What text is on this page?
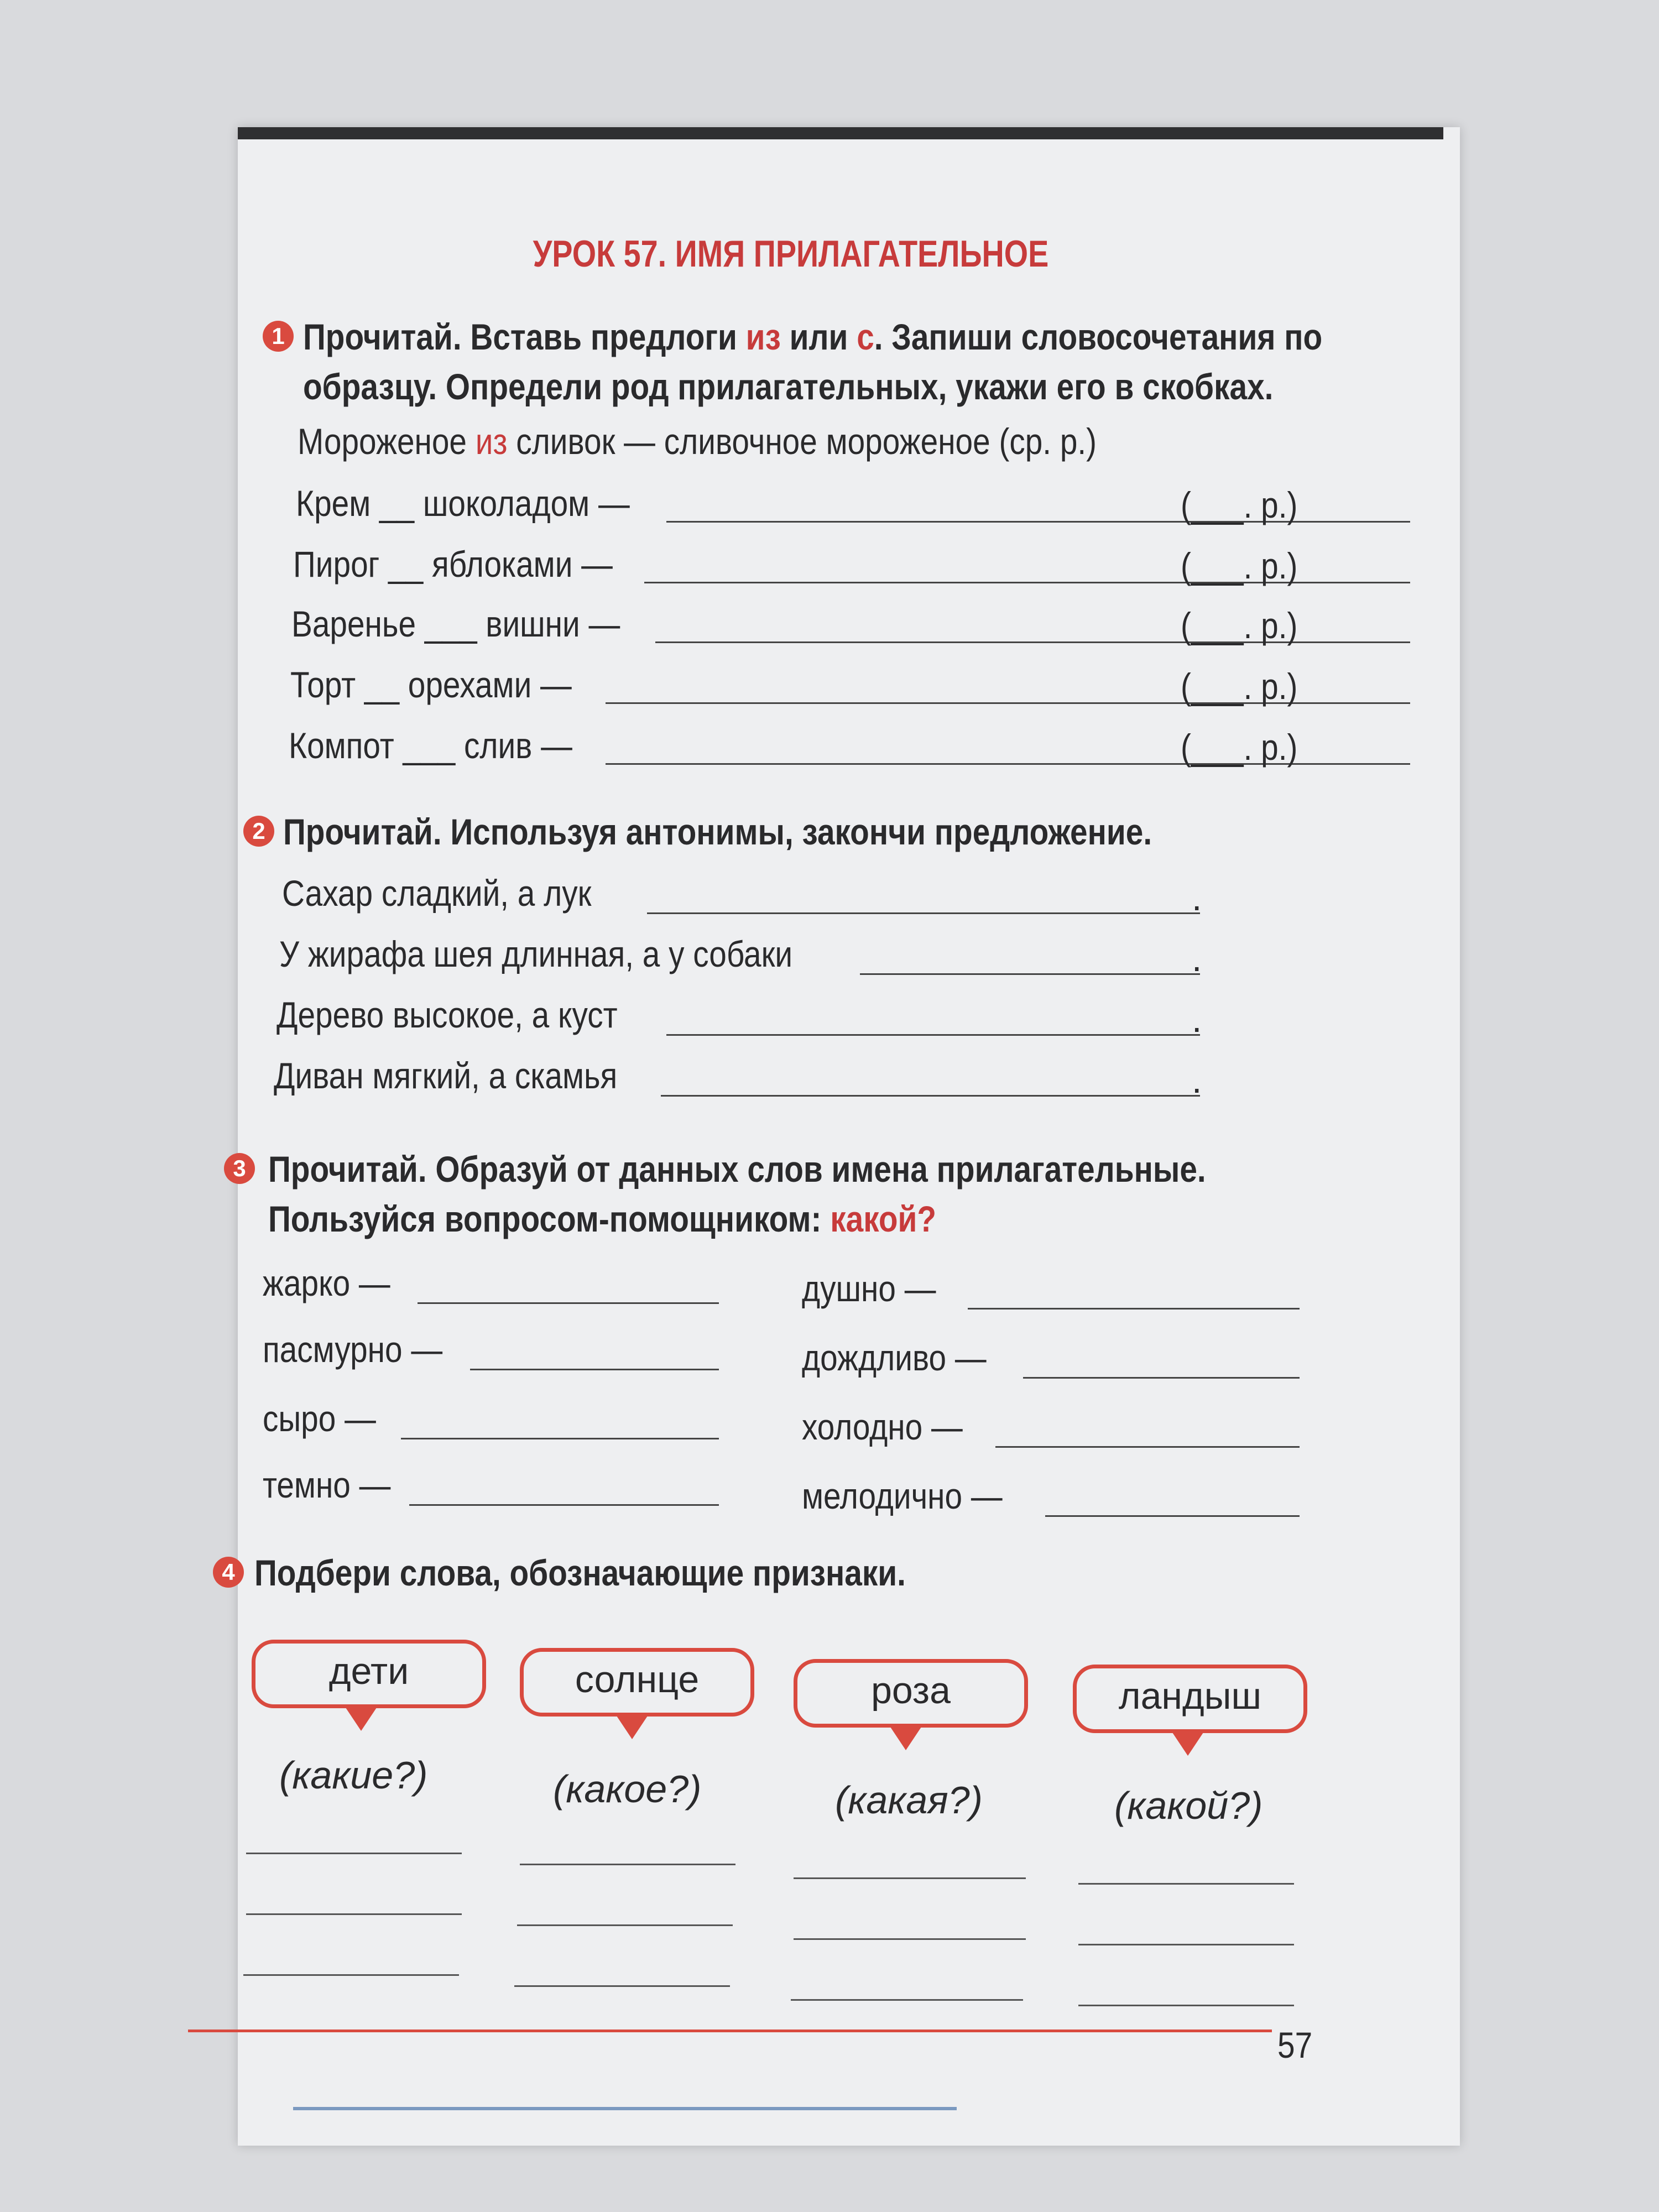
УРОК 57. ИМЯ ПРИЛАГАТЕЛЬНОЕ
1 Прочитай. Вставь предлоги из или с. Запиши словосочетания по
образцу. Определи род прилагательных, укажи его в скобках.
Мороженое из сливок — сливочное мороженое (ср. р.)
Крем __ шоколадом —	(___. р.)
Пирог __ яблоками —	(___. р.)
Варенье ___ вишни —	(___. р.)
Торт __ орехами —	(___. р.)
Компот ___ слив —	(___. р.)
2 Прочитай. Используя антонимы, закончи предложение.
Сахар сладкий, а лук	.
У жирафа шея длинная, а у собаки	.
Дерево высокое, а куст	.
Диван мягкий, а скамья	.
3 Прочитай. Образуй от данных слов имена прилагательные.
Пользуйся вопросом-помощником: какой?
жарко —
пасмурно —
сыро —
темно —
душно —
дождливо —
холодно —
мелодично —
4 Подбери слова, обозначающие признаки.
дети
(какие?)
солнце
(какое?)
роза
(какая?)
ландыш
(какой?)
57
